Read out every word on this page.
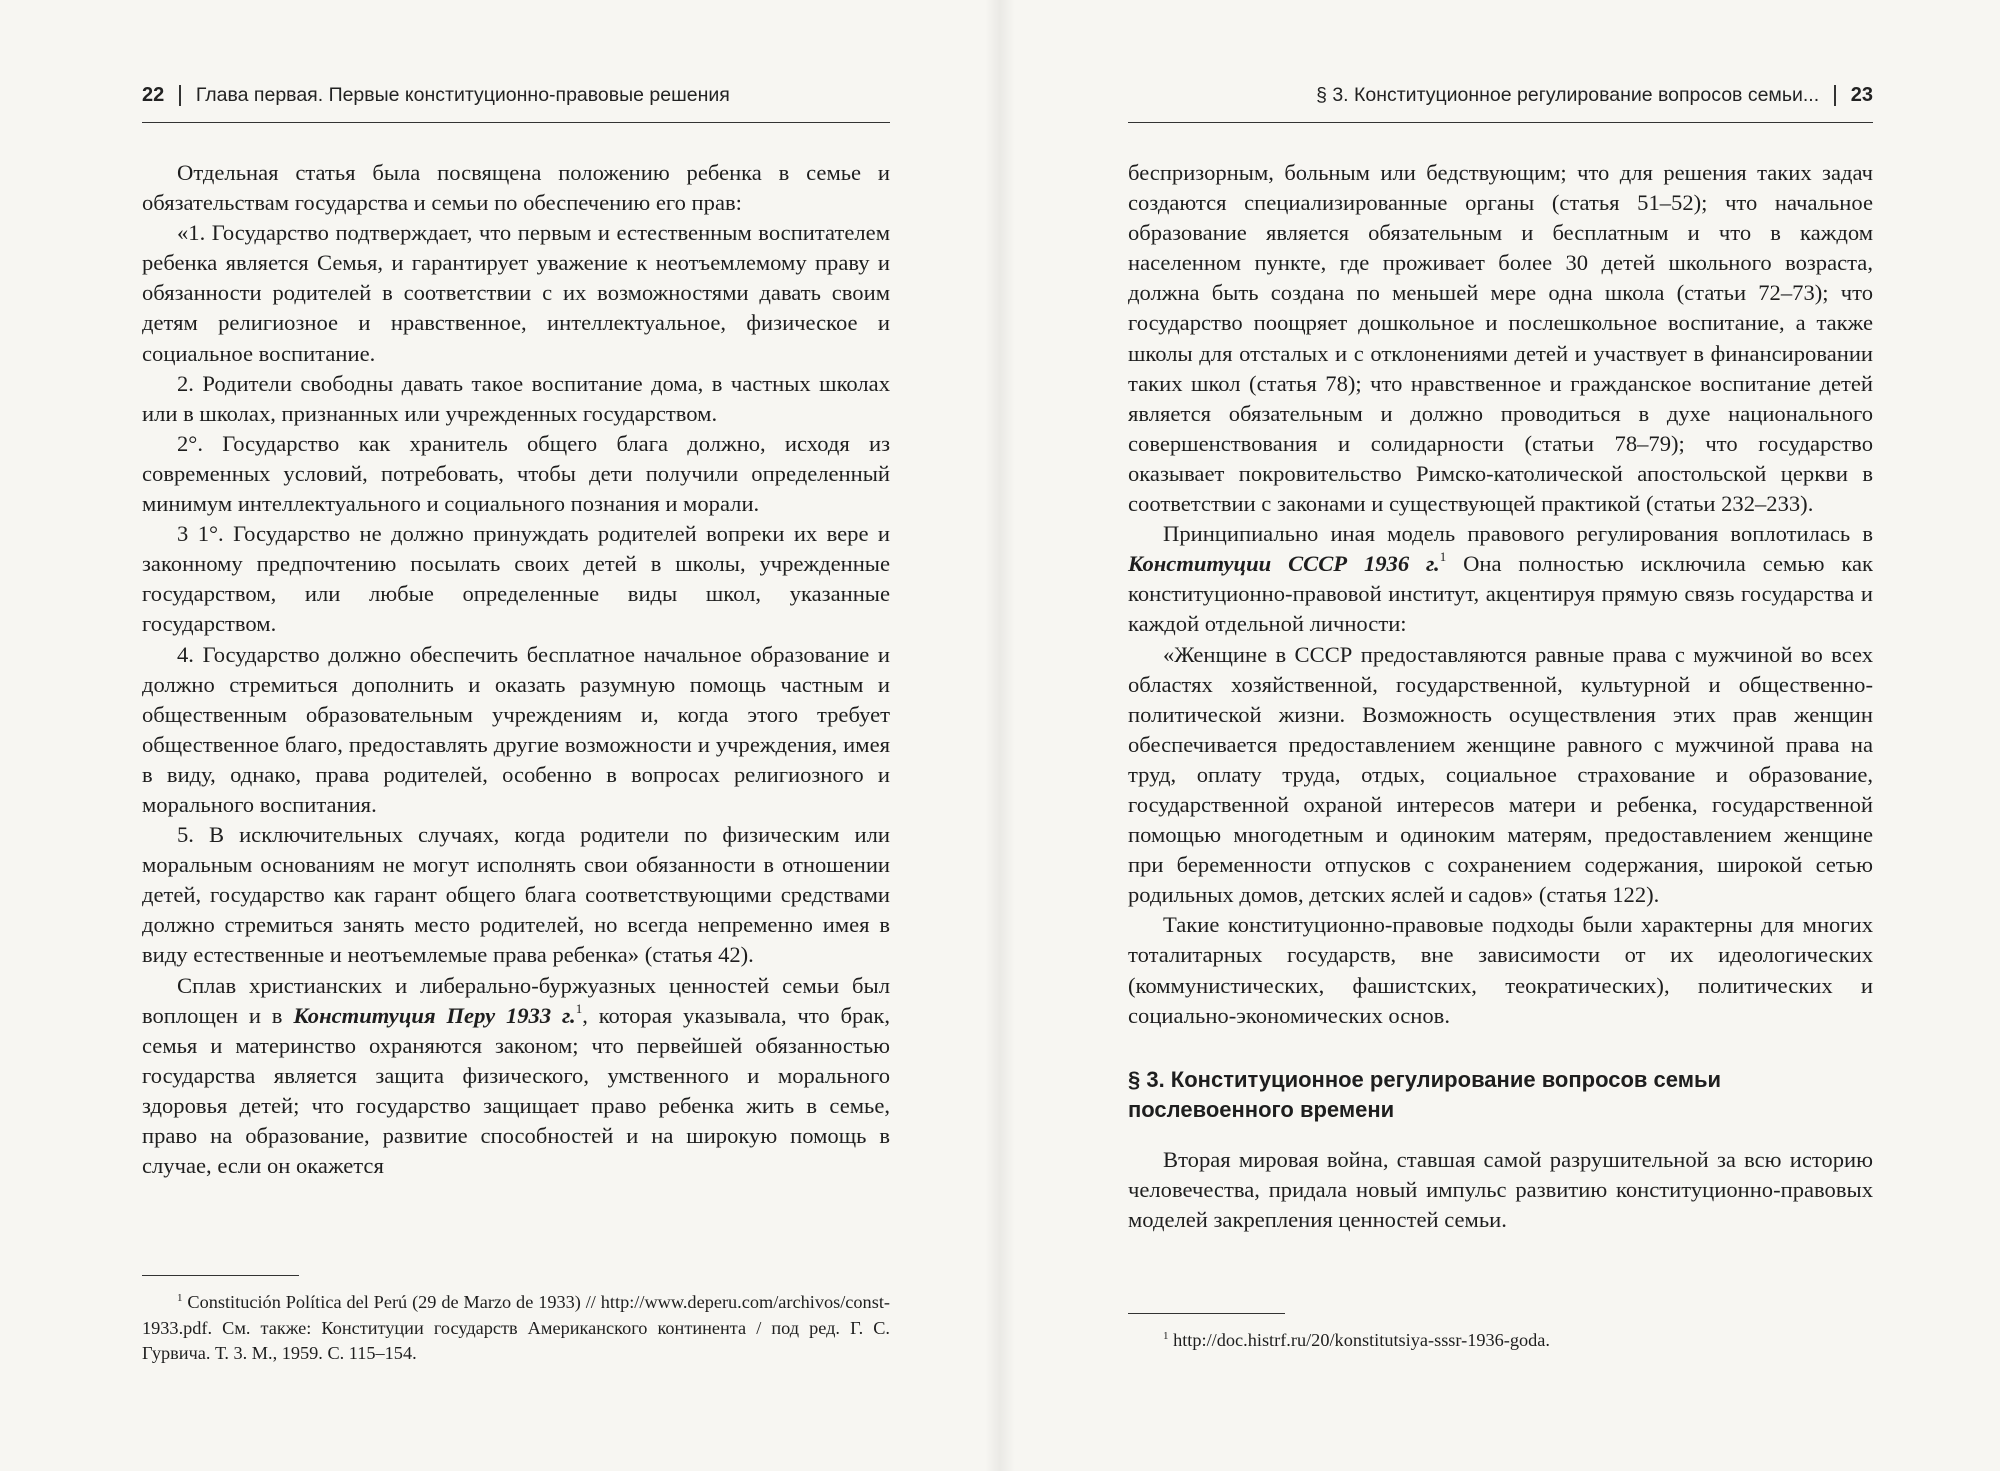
22 Глава первая. Первые конституционно-правовые решения

Отдельная статья была посвящена положению ребенка в семье и обязательствам государства и семьи по обеспечению его прав:

«1. Государство подтверждает, что первым и естественным воспитателем ребенка является Семья, и гарантирует уважение к неотъемлемому праву и обязанности родителей в соответствии с их возможностями давать своим детям религиозное и нравственное, интеллектуальное, физическое и социальное воспитание.

2. Родители свободны давать такое воспитание дома, в частных школах или в школах, признанных или учрежденных государством.

2°. Государство как хранитель общего блага должно, исходя из современных условий, потребовать, чтобы дети получили определенный минимум интеллектуального и социального познания и морали.

3 1°. Государство не должно принуждать родителей вопреки их вере и законному предпочтению посылать своих детей в школы, учрежденные государством, или любые определенные виды школ, указанные государством.

4. Государство должно обеспечить бесплатное начальное образование и должно стремиться дополнить и оказать разумную помощь частным и общественным образовательным учреждениям и, когда этого требует общественное благо, предоставлять другие возможности и учреждения, имея в виду, однако, права родителей, особенно в вопросах религиозного и морального воспитания.

5. В исключительных случаях, когда родители по физическим или моральным основаниям не могут исполнять свои обязанности в отношении детей, государство как гарант общего блага соответствующими средствами должно стремиться занять место родителей, но всегда непременно имея в виду естественные и неотъемлемые права ребенка» (статья 42).

Сплав христианских и либерально-буржуазных ценностей семьи был воплощен и в Конституция Перу 1933 г.$^1$, которая указывала, что брак, семья и материнство охраняются законом; что первейшей обязанностью государства является защита физического, умственного и морального здоровья детей; что государство защищает право ребенка жить в семье, право на образование, развитие способностей и на широкую помощь в случае, если он окажется

$^1$ Constitución Política del Perú (29 de Marzo de 1933) // http://www.deperu.com/archivos/const-1933.pdf. См. также: Конституции государств Американского континента / под ред. Г. С. Гурвича. Т. 3. М., 1959. С. 115–154.

§ 3. Конституционное регулирование вопросов семьи... 23

беспризорным, больным или бедствующим; что для решения таких задач создаются специализированные органы (статья 51–52); что начальное образование является обязательным и бесплатным и что в каждом населенном пункте, где проживает более 30 детей школьного возраста, должна быть создана по меньшей мере одна школа (статьи 72–73); что государство поощряет дошкольное и послешкольное воспитание, а также школы для отсталых и с отклонениями детей и участвует в финансировании таких школ (статья 78); что нравственное и гражданское воспитание детей является обязательным и должно проводиться в духе национального совершенствования и солидарности (статьи 78–79); что государство оказывает покровительство Римско-католической апостольской церкви в соответствии с законами и существующей практикой (статьи 232–233).

Принципиально иная модель правового регулирования воплотилась в Конституции СССР 1936 г.$^1$ Она полностью исключила семью как конституционно-правовой институт, акцентируя прямую связь государства и каждой отдельной личности:

«Женщине в СССР предоставляются равные права с мужчиной во всех областях хозяйственной, государственной, культурной и общественно-политической жизни. Возможность осуществления этих прав женщин обеспечивается предоставлением женщине равного с мужчиной права на труд, оплату труда, отдых, социальное страхование и образование, государственной охраной интересов матери и ребенка, государственной помощью многодетным и одиноким матерям, предоставлением женщине при беременности отпусков с сохранением содержания, широкой сетью родильных домов, детских яслей и садов» (статья 122).

Такие конституционно-правовые подходы были характерны для многих тоталитарных государств, вне зависимости от их идеологических (коммунистических, фашистских, теократических), политических и социально-экономических основ.

§ 3. Конституционное регулирование вопросов семьи
послевоенного времени

Вторая мировая война, ставшая самой разрушительной за всю историю человечества, придала новый импульс развитию конституционно-правовых моделей закрепления ценностей семьи.

$^1$ http://doc.histrf.ru/20/konstitutsiya-sssr-1936-goda.
